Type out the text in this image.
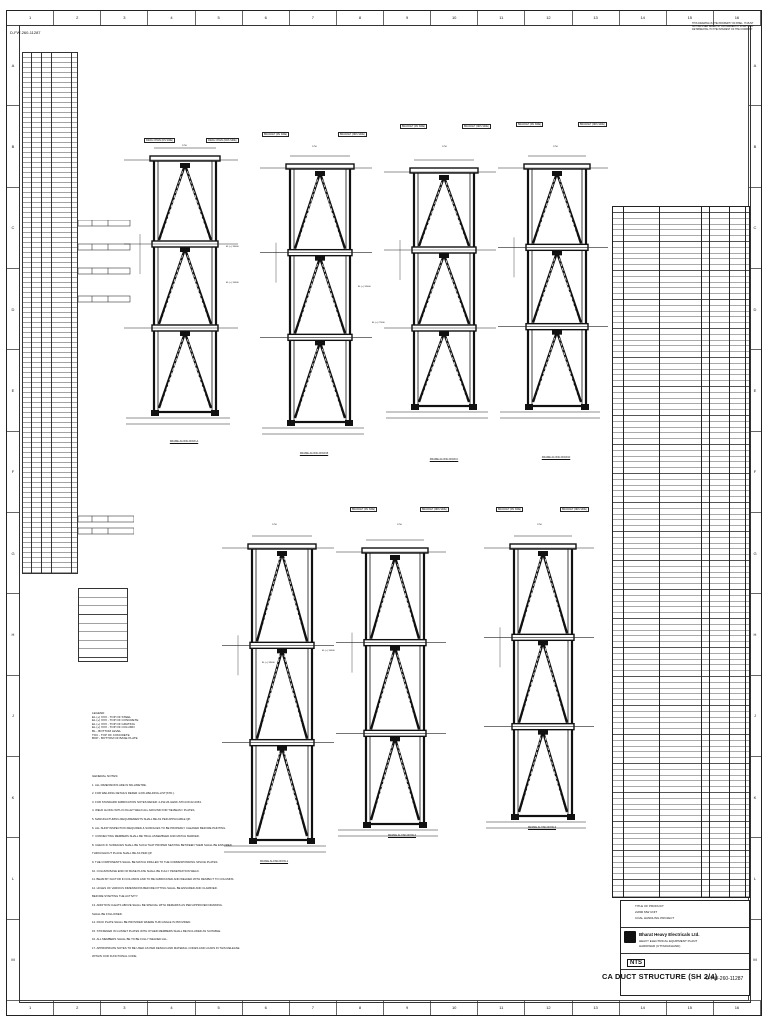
1	2	3	4	5	6	7	8	9	10	11	12	13	14	15	16
1	2	3	4	5	6	7	8	9	10	11	12	13	14	15	16
A
B
C
D
E
F
G
H
J
K
L
M
A
B
C
D
E
F
G
H
J
K
L
M
D-FW-260-11287
THIS DRAWING IS THE PROPERTY OF BHEL. IT MUST NOT BE USED DIRECTLY OR INDIRECTLY IN ANY WAY DETRIMENTAL TO THE INTEREST OF THE COMPANY.
LEGEND
EL (+) XXX - TOP OF STEEL
EL (+) XXX - TOP OF CONCRETE
EL (+) XXX - TOP OF GRATING
EL (+) XXX - TOP OF COLUMN
BL - BOTTOM LEVEL
TOC - TOP OF CONCRETE
BOP - BOTTOM OF BASE PLATE
GENERAL NOTES:
1. ALL DIMENSIONS ARE IN MILLIMETRE.
2. FOR WELDING DETAILS REFER 4-FW-WELDING-LIST(STD.).
3. FOR STANDARD FABRICATION NOTES REFER: 4-FW-26-GENF-STD-FW-02-0063.
4. WELD ALONG WITH 6 FILLET WELD ALL AROUND FOR TIE-BEAM / PLATES.
5. MANUFACTURING REQUIREMENTS SHALL BE AS PER APPLICABLE QP.
6. ALL SHOP INSPECTION REQUIRED & SURFACES TO BE PROPERLY CLEANED BEFORE PAINTING.
7. CONNECTING MEMBERS SHALL BE TRIAL ASSEMBLED AND MATCH MARKED.
8. CHECK IF SURFACES SHALL BE SUCH THAT PROPER SEATING BETWEEN THEM SHALL BE ENSURED.
THROUGHOUT PLACE SHALL BE AS PER QP.
9. THE COMPONENTS SHALL BE MATCH DRILLED TO THE CORRESPONDING SPLICE PLATES.
10. COLUMN BASE END OF BASE PLATE SHALL BE FULLY PENETRATION WELD.
11. BEAM BY FACTOR IN COLUMNS AND TO BE FABRICATED AND WELDED WITH RESPECT TO COLUMNS.
12. HOLES OF VARIOUS DIMENSIONS BEFORE FITTING SHALL BE ENSURED AND CLARIFIED.
BEFORE STARTING THE ACTIVITY.
13. ADDITION CLEATS ABOVE SHALL BE SPECIAL WITH REMARKS AS PER APPROVED DRAWING.
SHALL BE FOLLOWED.
14. PACK PLATE SHALL BE PROVIDED WHERE THIN ANGLE IS PROVIDED.
15. STIFFENER IN GUSSET PLATES WITH OTHER MEMBERS SHALL BE INCLUDED AS SUITABLE.
16. ALL MEMBERS SHALL BE TO BE FULLY WELDED ALL.
17. APPROPRIATE NOTES TO BE USED AS PER DESIGN AND MATERIAL CODES AND LOADS IN THIS RELEASE
WITHIN OUR FUNCTIONAL CODE.
FRAME ALONG ROW-A
FRAME ALONG ROW-B
FRAME ALONG ROW-C
FRAME ALONG ROW-D
FRAME ALONG ROW-1
FRAME ALONG ROW-2
FRAME ALONG ROW-3
DRAG CHAIN (DS SIDE)	DRAG CHAIN (NDS SIDE)
BRACKET (DS SIDE)	BRACKET (NDS SIDE)
BRACKET (DS SIDE)	BRACKET (NDS SIDE)
BRACKET (DS SIDE)	BRACKET (NDS SIDE)
BRACKET (DS SIDE)	BRACKET (NDS SIDE)	BRACKET (DS SIDE)	BRACKET (NDS SIDE)
EL (+) 39000
EL (+) 33000
EL (+) 33000
EL (+) 27000
EL (+) 39000
EL (+) 33000
1750	1750	1750	1750
1750	1750	1750
TITLE OF PRODUCT
2x800 MW UNIT
COAL HANDLING PROJECT
Bharat Heavy Electricals Ltd.
HEAVY ELECTRICAL EQUIPMENT PLANT
HARIDWAR (UTTARAKHAND)
NTS
CA DUCT STRUCTURE (SH 2/4)
0-FW-260-11287
